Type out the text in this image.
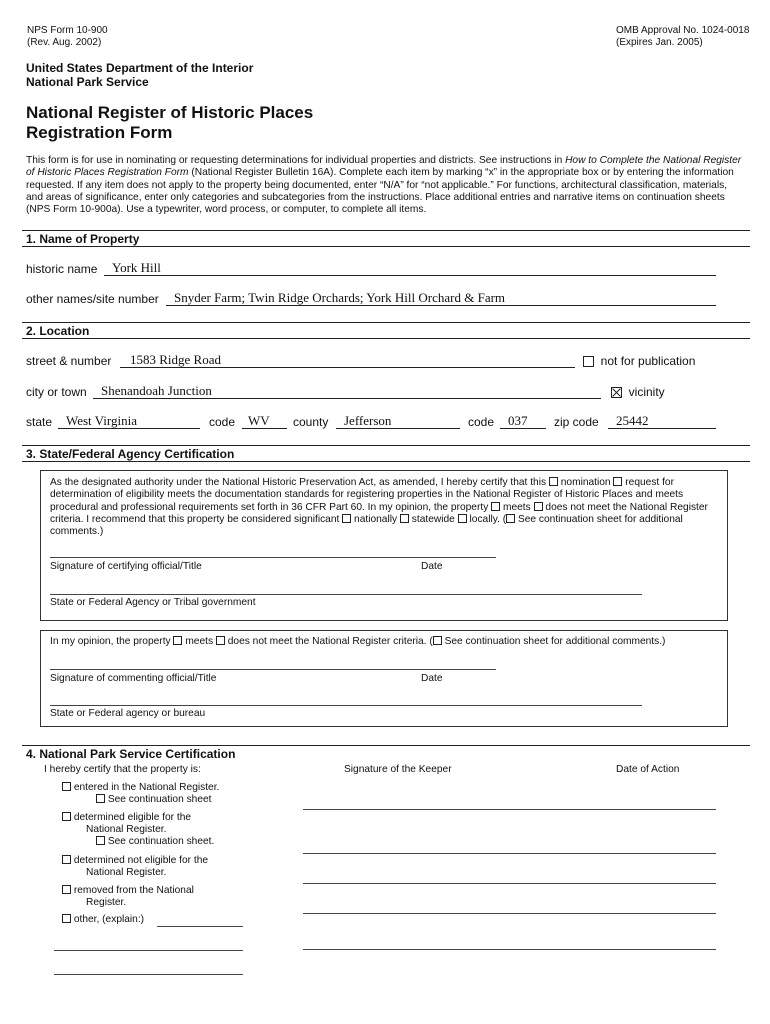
NPS Form 10-900
(Rev. Aug. 2002)
OMB Approval No. 1024-0018
(Expires Jan. 2005)
United States Department of the Interior
National Park Service
National Register of Historic Places
Registration Form
This form is for use in nominating or requesting determinations for individual properties and districts. See instructions in How to Complete the National Register of Historic Places Registration Form (National Register Bulletin 16A). Complete each item by marking “x” in the appropriate box or by entering the information requested. If any item does not apply to the property being documented, enter “N/A” for “not applicable.” For functions, architectural classification, materials, and areas of significance, enter only categories and subcategories from the instructions. Place additional entries and narrative items on continuation sheets (NPS Form 10-900a). Use a typewriter, word process, or computer, to complete all items.
1. Name of Property
historic name	York Hill
other names/site number	Snyder Farm; Twin Ridge Orchards; York Hill Orchard & Farm
2. Location
street & number	1583 Ridge Road	not for publication
city or town	Shenandoah Junction	vicinity
state	West Virginia	code WV	county	Jefferson	code	037	zip code	25442
3. State/Federal Agency Certification
As the designated authority under the National Historic Preservation Act, as amended, I hereby certify that this nomination request for
determination of eligibility meets the documentation standards for registering properties in the National Register of Historic Places and meets
procedural and professional requirements set forth in 36 CFR Part 60. In my opinion, the property meets does not meet the National Register
criteria. I recommend that this property be considered significant nationally statewide locally. ( See continuation sheet for additional
comments.)
Signature of certifying official/Title	Date
State or Federal Agency or Tribal government
In my opinion, the property meets does not meet the National Register criteria. ( See continuation sheet for additional comments.)
Signature of commenting official/Title	Date
State or Federal agency or bureau
4. National Park Service Certification
I hereby certify that the property is:	Signature of the Keeper	Date of Action
entered in the National Register.
See continuation sheet
determined eligible for the
National Register.
See continuation sheet.
determined not eligible for the
National Register.
removed from the National
Register.
other, (explain:)
